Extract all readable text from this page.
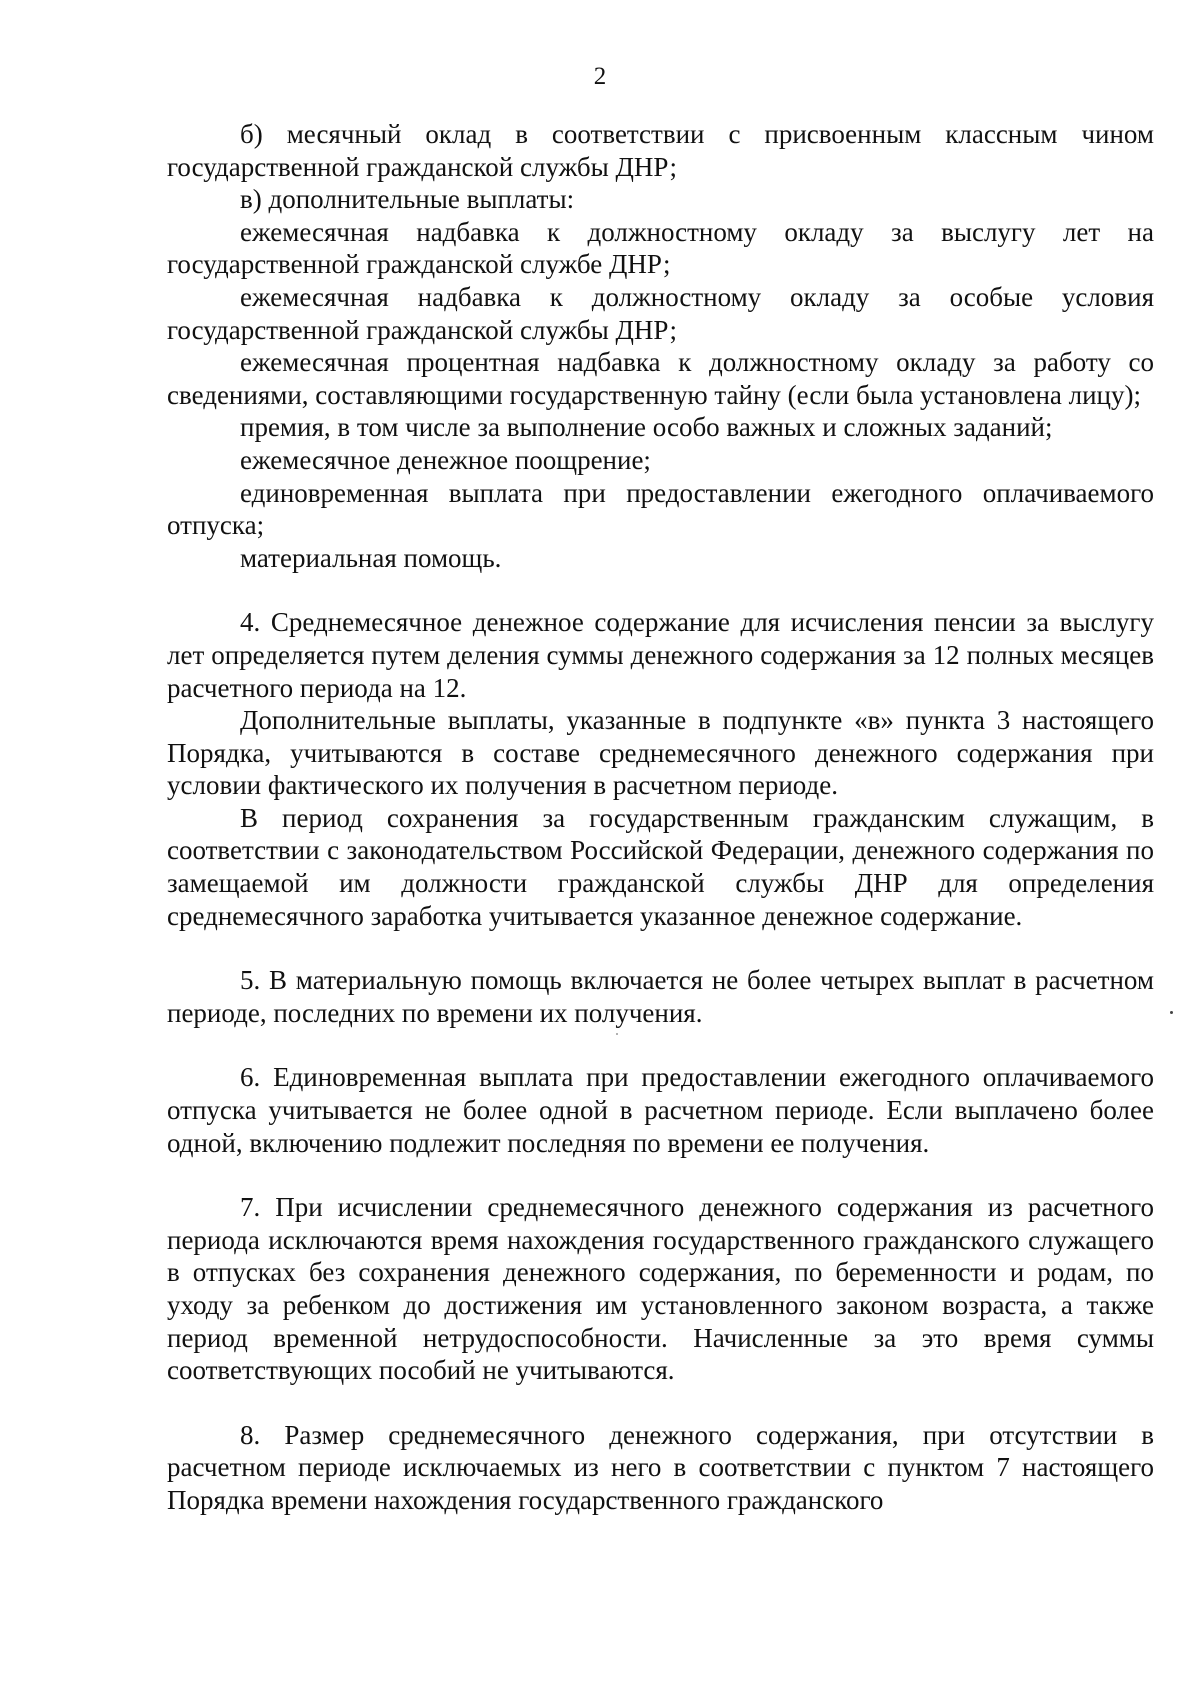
2

б) месячный оклад в соответствии с присвоенным классным чином государственной гражданской службы ДНР;

в) дополнительные выплаты:

ежемесячная надбавка к должностному окладу за выслугу лет на государственной гражданской службе ДНР;

ежемесячная надбавка к должностному окладу за особые условия государственной гражданской службы ДНР;

ежемесячная процентная надбавка к должностному окладу за работу со сведениями, составляющими государственную тайну (если была установлена лицу);

премия, в том числе за выполнение особо важных и сложных заданий;

ежемесячное денежное поощрение;

единовременная выплата при предоставлении ежегодного оплачиваемого отпуска;

материальная помощь.

4. Среднемесячное денежное содержание для исчисления пенсии за выслугу лет определяется путем деления суммы денежного содержания за 12 полных месяцев расчетного периода на 12.

Дополнительные выплаты, указанные в подпункте «в» пункта 3 настоящего Порядка, учитываются в составе среднемесячного денежного содержания при условии фактического их получения в расчетном периоде.

В период сохранения за государственным гражданским служащим, в соответствии с законодательством Российской Федерации, денежного содержания по замещаемой им должности гражданской службы ДНР для определения среднемесячного заработка учитывается указанное денежное содержание.

5. В материальную помощь включается не более четырех выплат в расчетном периоде, последних по времени их получения.

6. Единовременная выплата при предоставлении ежегодного оплачиваемого отпуска учитывается не более одной в расчетном периоде. Если выплачено более одной, включению подлежит последняя по времени ее получения.

7. При исчислении среднемесячного денежного содержания из расчетного периода исключаются время нахождения государственного гражданского служащего в отпусках без сохранения денежного содержания, по беременности и родам, по уходу за ребенком до достижения им установленного законом возраста, а также период временной нетрудоспособности. Начисленные за это время суммы соответствующих пособий не учитываются.

8. Размер среднемесячного денежного содержания, при отсутствии в расчетном периоде исключаемых из него в соответствии с пунктом 7 настоящего Порядка времени нахождения государственного гражданского
